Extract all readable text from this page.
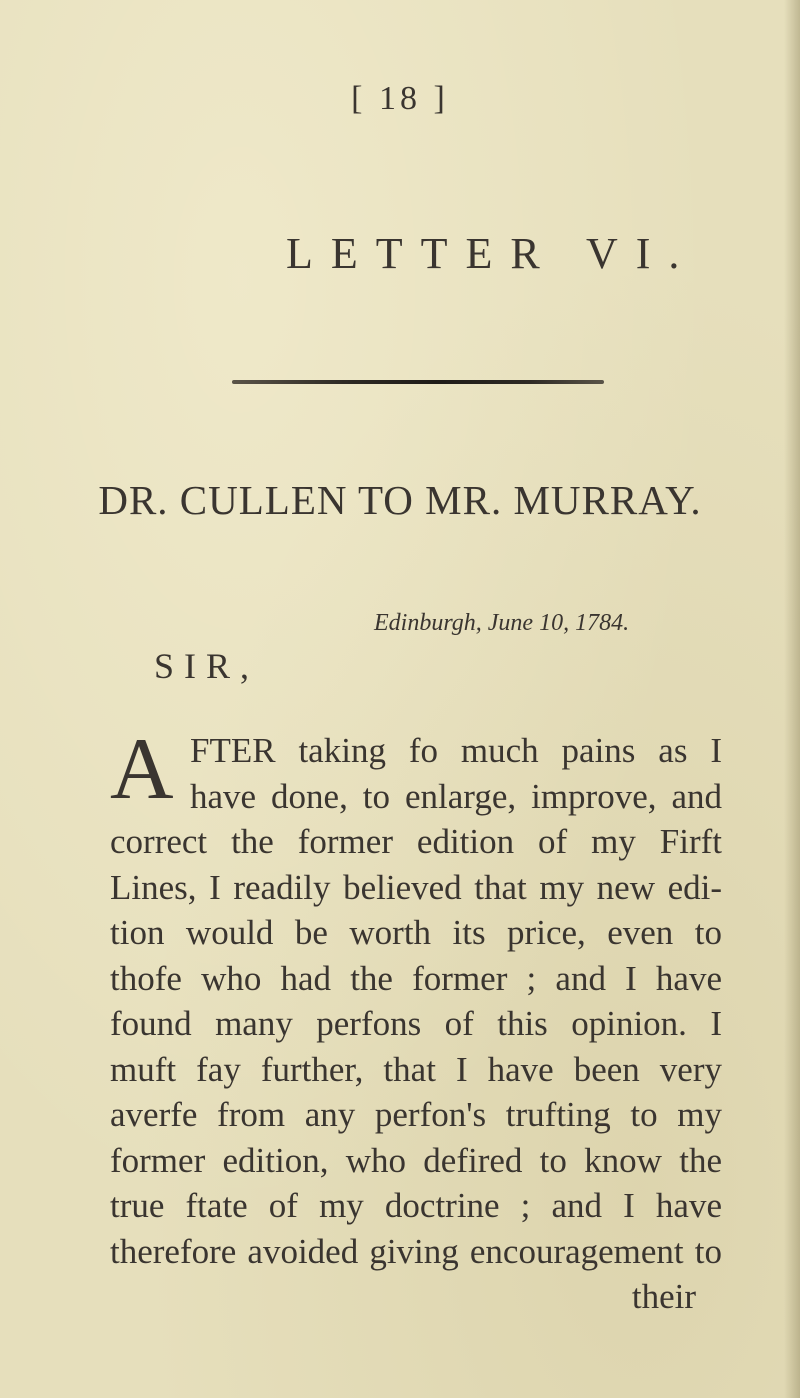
[ 18 ]
LETTER VI.
DR. CULLEN TO MR. MURRAY.
Edinburgh, June 10, 1784.
SIR,
A FTER taking fo much pains as I
have done, to enlarge, improve, and
correct the former edition of my Firft
Lines, I readily believed that my new edi-
tion would be worth its price, even to
thofe who had the former ; and I have
found many perfons of this opinion. I
muft fay further, that I have been very
averfe from any perfon's trufting to my
former edition, who defired to know the
true ftate of my doctrine ; and I have
therefore avoided giving encouragement to
their
